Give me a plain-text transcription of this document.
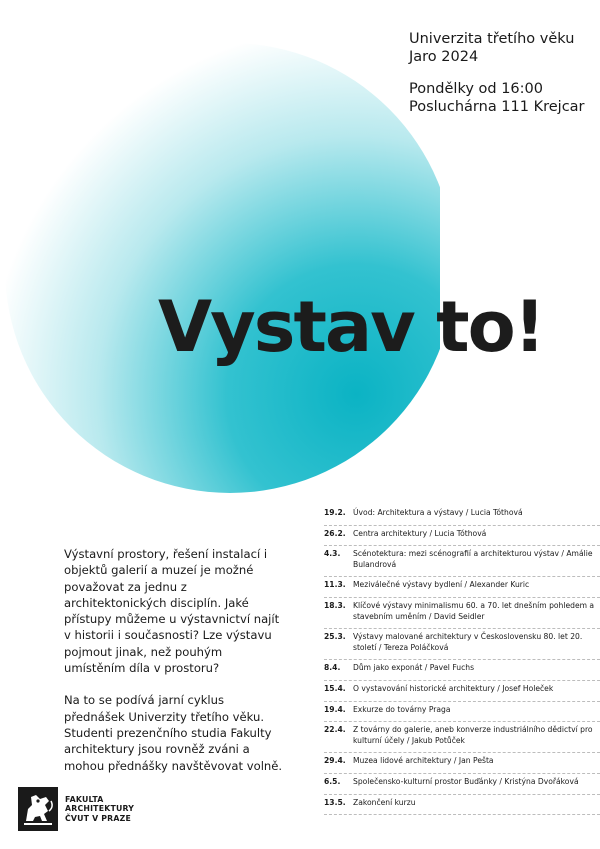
Univerzita třetího věku
Jaro 2024
Pondělky od 16:00
Posluchárna 111 Krejcar
Vystav to!

Výstavní prostory, řešení instalací i objektů galerií a muzeí je možné považovat za jednu z architektonických disciplín. Jaké přístupy můžeme u výstavnictví najít v historii i současnosti? Lze výstavu pojmout jinak, než pouhým umístěním díla v prostoru?

Na to se podívá jarní cyklus přednášek Univerzity třetího věku. Studenti prezenčního studia Fakulty architektury jsou rovněž zváni a mohou přednášky navštěvovat volně.

19.2. Úvod: Architektura a výstavy / Lucia Tóthová
26.2. Centra architektury / Lucia Tóthová
4.3.	Scénotektura: mezi scénografií a architekturou výstav / Amálie Bulandrová
11.3. Meziválečné výstavy bydlení / Alexander Kuric
18.3. Klíčové výstavy minimalismu 60. a 70. let dnešním pohledem a stavebním uměním / David Seidler
25.3. Výstavy malované architektury v Československu 80. let 20. století / Tereza Poláčková
8.4.	Dům jako exponát / Pavel Fuchs
15.4. O vystavování historické architektury / Josef Holeček
19.4. Exkurze do továrny Praga
22.4. Z továrny do galerie, aneb konverze industriálního dědictví pro kulturní účely / Jakub Potůček
29.4. Muzea lidové architektury / Jan Pešta
6.5.	Společensko-kulturní prostor Buďánky / Kristýna Dvořáková
13.5. Zakončení kurzu
FAKULTA
ARCHITEKTURY
ČVUT V PRAZE
